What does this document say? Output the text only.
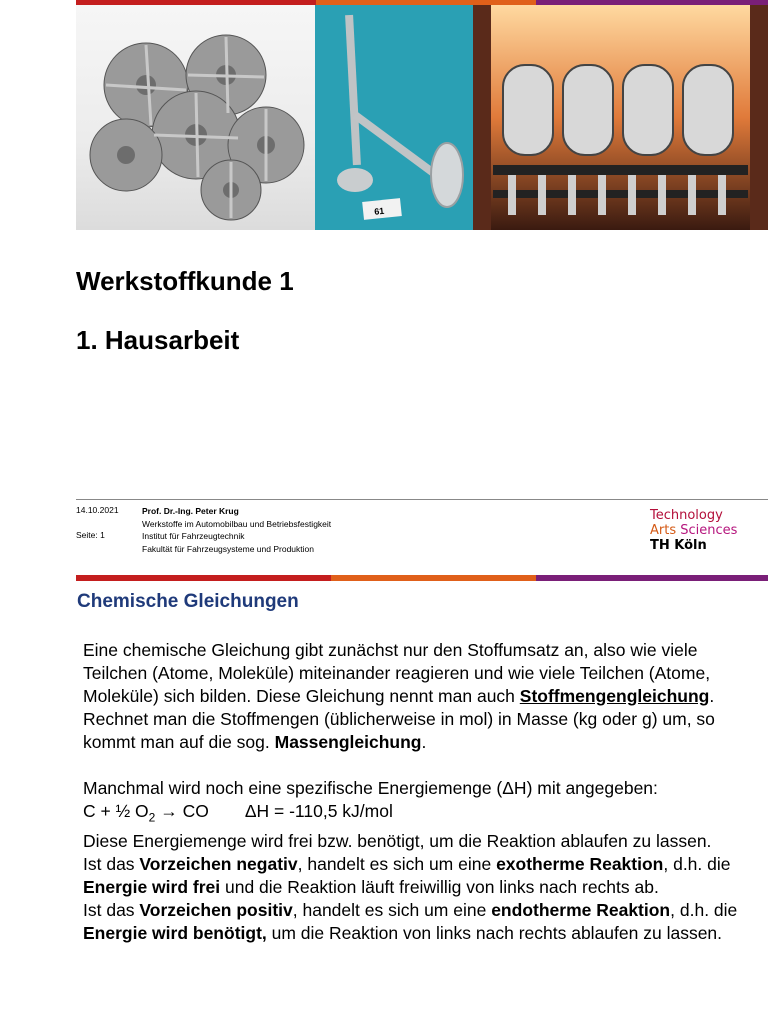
61
Werkstoffkunde 1
1. Hausarbeit
14.10.2021
Seite: 1
Prof. Dr.-Ing. Peter Krug
Werkstoffe im Automobilbau und Betriebsfestigkeit
Institut für Fahrzeugtechnik
Fakultät für Fahrzeugsysteme und Produktion
Technology
Arts Sciences
TH Köln
Chemische Gleichungen

Eine chemische Gleichung gibt zunächst nur den Stoffumsatz an, also wie viele Teilchen (Atome, Moleküle) miteinander reagieren und wie viele Teilchen (Atome, Moleküle) sich bilden. Diese Gleichung nennt man auch Stoffmengengleichung.

Rechnet man die Stoffmengen (üblicherweise in mol) in Masse (kg oder g) um, so kommt man auf die sog. Massengleichung.

Manchmal wird noch eine spezifische Energiemenge (ΔH) mit angegeben:

C + ½ $O_2$ → CO ΔH = -110,5 kJ/mol

Diese Energiemenge wird frei bzw. benötigt, um die Reaktion ablaufen zu lassen.

Ist das Vorzeichen negativ, handelt es sich um eine exotherme Reaktion, d.h. die Energie wird frei und die Reaktion läuft freiwillig von links nach rechts ab.

Ist das Vorzeichen positiv, handelt es sich um eine endotherme Reaktion, d.h. die Energie wird benötigt, um die Reaktion von links nach rechts ablaufen zu lassen.
